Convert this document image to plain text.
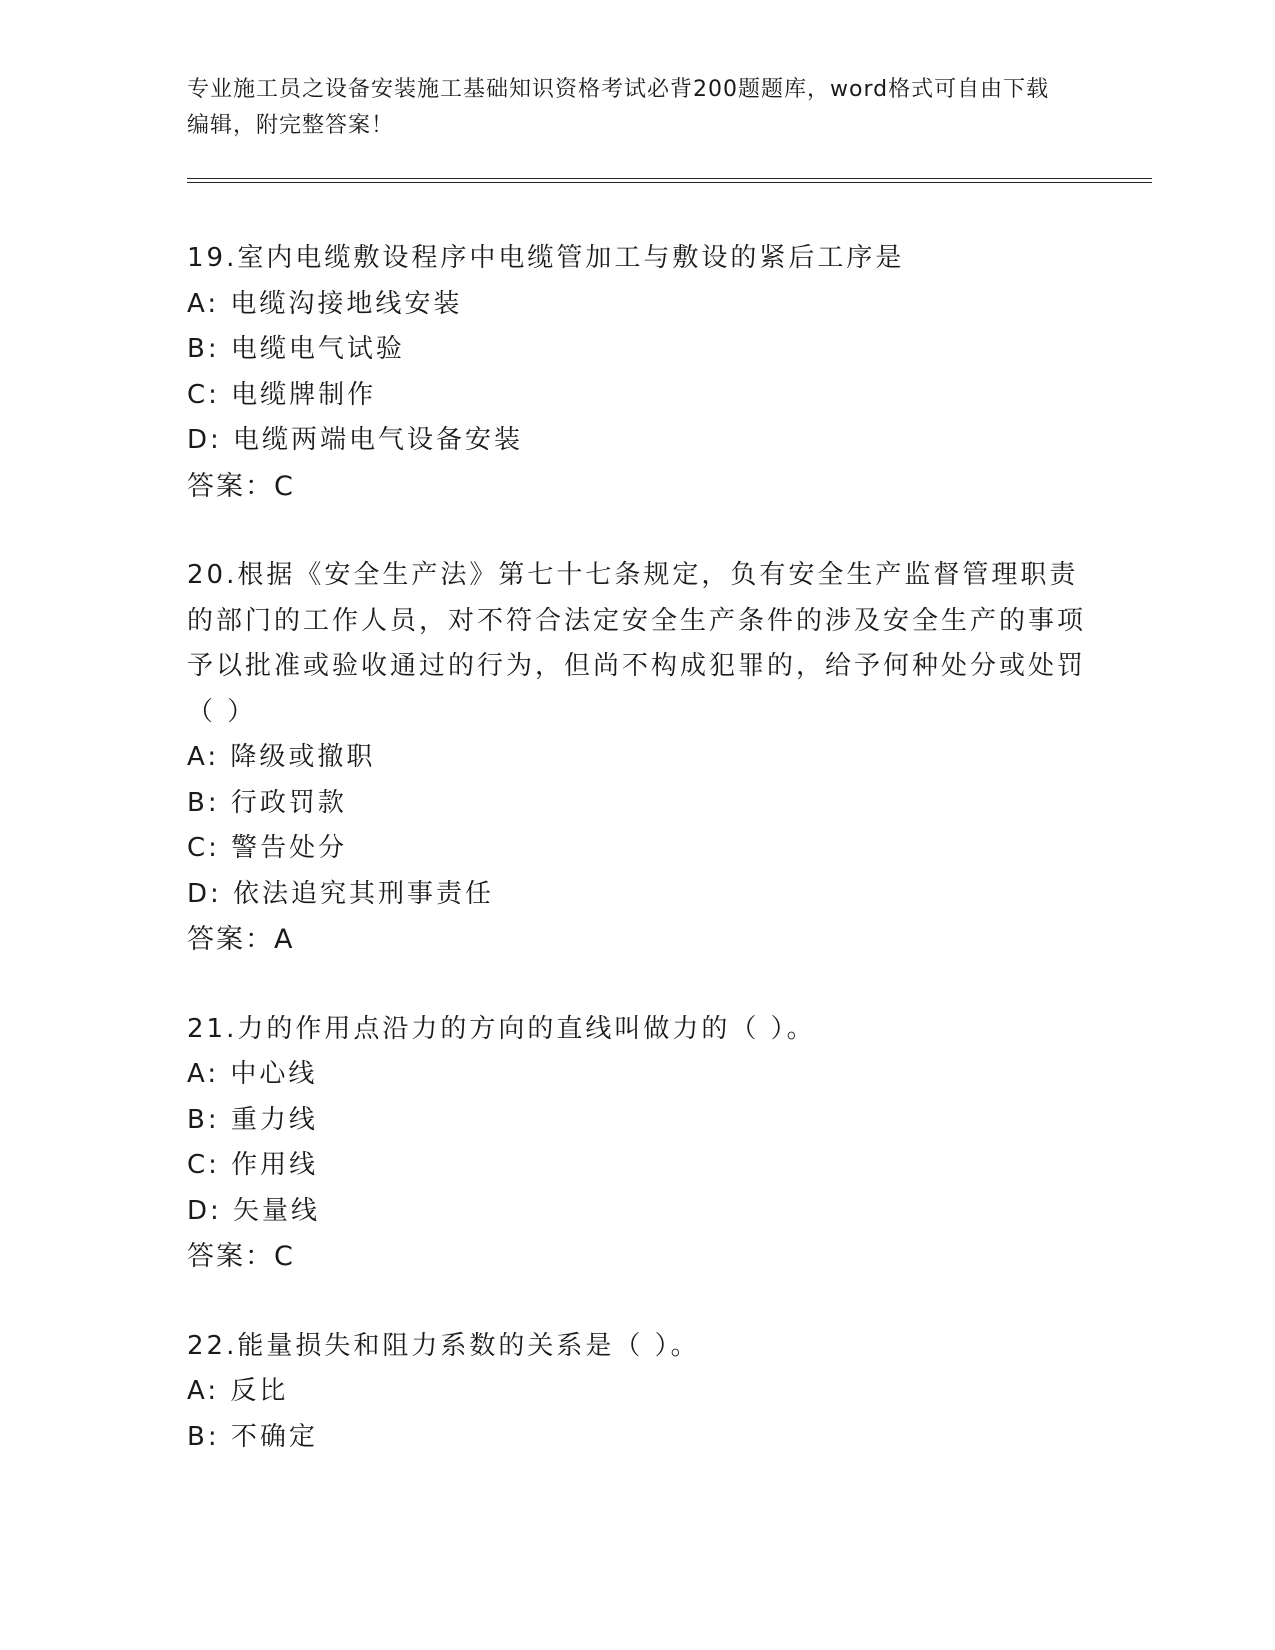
专业施工员之设备安装施工基础知识资格考试必背200题题库，word格式可自由下载编辑，附完整答案！

19.室内电缆敷设程序中电缆管加工与敷设的紧后工序是

A: 电缆沟接地线安装

B: 电缆电气试验

C: 电缆牌制作

D: 电缆两端电气设备安装

答案：C

20.根据《安全生产法》第七十七条规定，负有安全生产监督管理职责的部门的工作人员，对不符合法定安全生产条件的涉及安全生产的事项予以批准或验收通过的行为，但尚不构成犯罪的，给予何种处分或处罚（ ）

A: 降级或撤职

B: 行政罚款

C: 警告处分

D: 依法追究其刑事责任

答案：A

21.力的作用点沿力的方向的直线叫做力的（ ）。

A: 中心线

B: 重力线

C: 作用线

D: 矢量线

答案：C

22.能量损失和阻力系数的关系是（ ）。

A: 反比

B: 不确定
